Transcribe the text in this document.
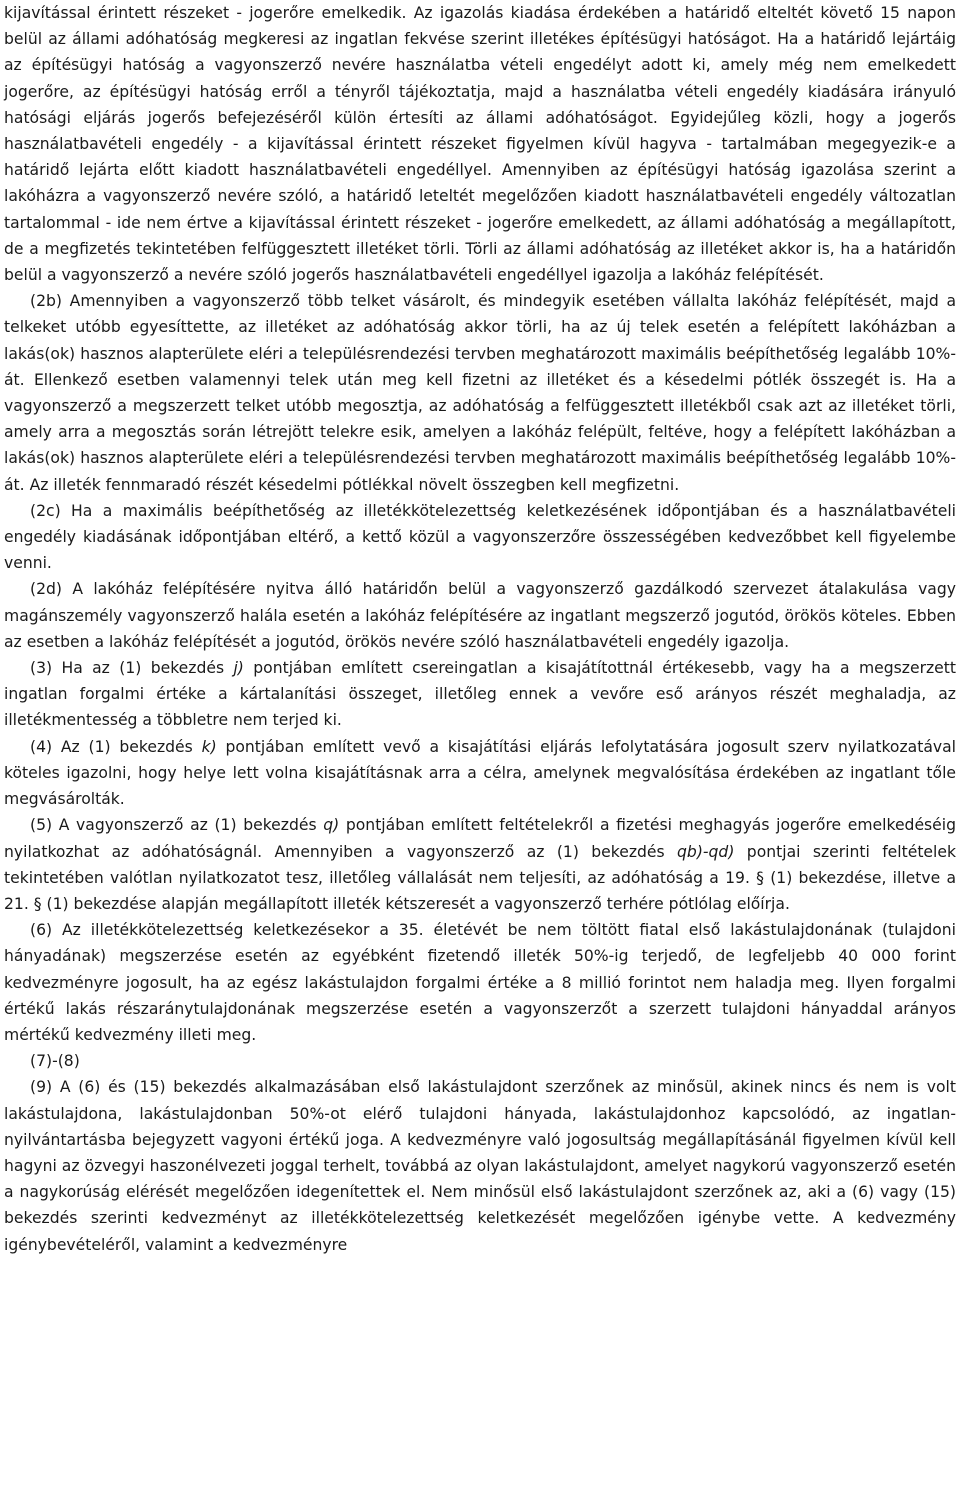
kijavítással érintett részeket - jogerőre emelkedik. Az igazolás kiadása érdekében a határidő elteltét követő 15 napon belül az állami adóhatóság megkeresi az ingatlan fekvése szerint illetékes építésügyi hatóságot. Ha a határidő lejártáig az építésügyi hatóság a vagyonszerző nevére használatba vételi engedélyt adott ki, amely még nem emelkedett jogerőre, az építésügyi hatóság erről a tényről tájékoztatja, majd a használatba vételi engedély kiadására irányuló hatósági eljárás jogerős befejezéséről külön értesíti az állami adóhatóságot. Egyidejűleg közli, hogy a jogerős használatbavételi engedély - a kijavítással érintett részeket figyelmen kívül hagyva - tartalmában megegyezik-e a határidő lejárta előtt kiadott használatbavételi engedéllyel. Amennyiben az építésügyi hatóság igazolása szerint a lakóházra a vagyonszerző nevére szóló, a határidő leteltét megelőzően kiadott használatbavételi engedély változatlan tartalommal - ide nem értve a kijavítással érintett részeket - jogerőre emelkedett, az állami adóhatóság a megállapított, de a megfizetés tekintetében felfüggesztett illetéket törli. Törli az állami adóhatóság az illetéket akkor is, ha a határidőn belül a vagyonszerző a nevére szóló jogerős használatbavételi engedéllyel igazolja a lakóház felépítését.

(2b) Amennyiben a vagyonszerző több telket vásárolt, és mindegyik esetében vállalta lakóház felépítését, majd a telkeket utóbb egyesíttette, az illetéket az adóhatóság akkor törli, ha az új telek esetén a felépített lakóházban a lakás(ok) hasznos alapterülete eléri a településrendezési tervben meghatározott maximális beépíthetőség legalább 10%-át. Ellenkező esetben valamennyi telek után meg kell fizetni az illetéket és a késedelmi pótlék összegét is. Ha a vagyonszerző a megszerzett telket utóbb megosztja, az adóhatóság a felfüggesztett illetékből csak azt az illetéket törli, amely arra a megosztás során létrejött telekre esik, amelyen a lakóház felépült, feltéve, hogy a felépített lakóházban a lakás(ok) hasznos alapterülete eléri a településrendezési tervben meghatározott maximális beépíthetőség legalább 10%-át. Az illeték fennmaradó részét késedelmi pótlékkal növelt összegben kell megfizetni.

(2c) Ha a maximális beépíthetőség az illetékkötelezettség keletkezésének időpontjában és a használatbavételi engedély kiadásának időpontjában eltérő, a kettő közül a vagyonszerzőre összességében kedvezőbbet kell figyelembe venni.

(2d) A lakóház felépítésére nyitva álló határidőn belül a vagyonszerző gazdálkodó szervezet átalakulása vagy magánszemély vagyonszerző halála esetén a lakóház felépítésére az ingatlant megszerző jogutód, örökös köteles. Ebben az esetben a lakóház felépítését a jogutód, örökös nevére szóló használatbavételi engedély igazolja.

(3) Ha az (1) bekezdés j) pontjában említett csereingatlan a kisajátítottnál értékesebb, vagy ha a megszerzett ingatlan forgalmi értéke a kártalanítási összeget, illetőleg ennek a vevőre eső arányos részét meghaladja, az illetékmentesség a többletre nem terjed ki.

(4) Az (1) bekezdés k) pontjában említett vevő a kisajátítási eljárás lefolytatására jogosult szerv nyilatkozatával köteles igazolni, hogy helye lett volna kisajátításnak arra a célra, amelynek megvalósítása érdekében az ingatlant tőle megvásárolták.

(5) A vagyonszerző az (1) bekezdés q) pontjában említett feltételekről a fizetési meghagyás jogerőre emelkedéséig nyilatkozhat az adóhatóságnál. Amennyiben a vagyonszerző az (1) bekezdés qb)-qd) pontjai szerinti feltételek tekintetében valótlan nyilatkozatot tesz, illetőleg vállalását nem teljesíti, az adóhatóság a 19. § (1) bekezdése, illetve a 21. § (1) bekezdése alapján megállapított illeték kétszeresét a vagyonszerző terhére pótlólag előírja.

(6) Az illetékkötelezettség keletkezésekor a 35. életévét be nem töltött fiatal első lakástulajdonának (tulajdoni hányadának) megszerzése esetén az egyébként fizetendő illeték 50%-ig terjedő, de legfeljebb 40 000 forint kedvezményre jogosult, ha az egész lakástulajdon forgalmi értéke a 8 millió forintot nem haladja meg. Ilyen forgalmi értékű lakás részaránytulajdonának megszerzése esetén a vagyonszerzőt a szerzett tulajdoni hányaddal arányos mértékű kedvezmény illeti meg.

(7)-(8)

(9) A (6) és (15) bekezdés alkalmazásában első lakástulajdont szerzőnek az minősül, akinek nincs és nem is volt lakástulajdona, lakástulajdonban 50%-ot elérő tulajdoni hányada, lakástulajdonhoz kapcsolódó, az ingatlan-nyilvántartásba bejegyzett vagyoni értékű joga. A kedvezményre való jogosultság megállapításánál figyelmen kívül kell hagyni az özvegyi haszonélvezeti joggal terhelt, továbbá az olyan lakástulajdont, amelyet nagykorú vagyonszerző esetén a nagykorúság elérését megelőzően idegenítettek el. Nem minősül első lakástulajdont szerzőnek az, aki a (6) vagy (15) bekezdés szerinti kedvezményt az illetékkötelezettség keletkezését megelőzően igénybe vette. A kedvezmény igénybevételéről, valamint a kedvezményre
